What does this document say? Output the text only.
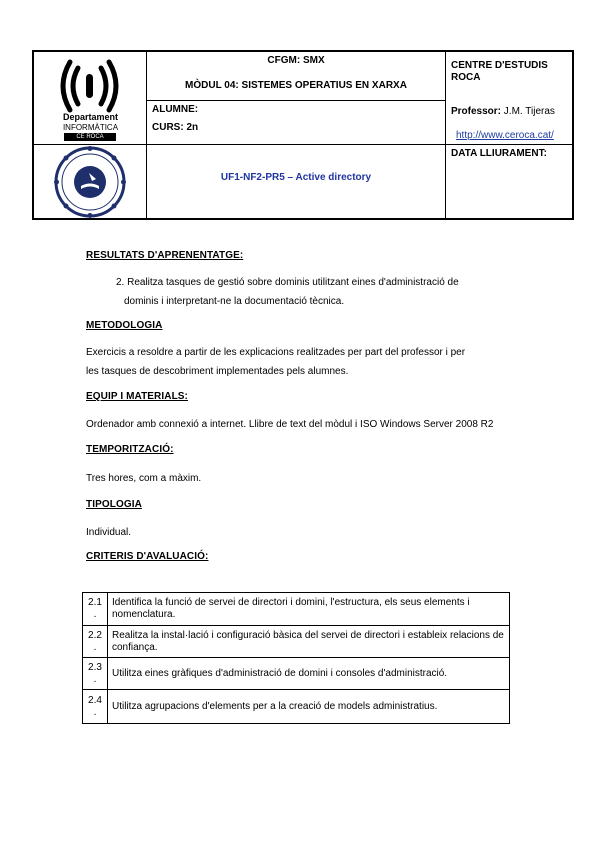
Departament
INFORMÀTICA
CE ROCA
CFGM: SMX
MÒDUL 04: SISTEMES OPERATIUS EN XARXA
ALUMNE:
CURS: 2n
CENTRE D'ESTUDIS
ROCA
Professor: J.M. Tijeras
http://www.ceroca.cat/
UF1-NF2-PR5 – Active directory
DATA LLIURAMENT:
RESULTATS D'APRENENTATGE:
2. Realitza tasques de gestió sobre dominis utilitzant eines d'administració de
dominis i interpretant-ne la documentació tècnica.
METODOLOGIA
Exercicis a resoldre a partir de les explicacions realitzades per part del professor i per
les tasques de descobriment implementades pels alumnes.
EQUIP I MATERIALS:
Ordenador amb connexió a internet. Llibre de text del mòdul i ISO Windows Server 2008 R2
TEMPORITZACIÓ:
Tres hores, com a màxim.
TIPOLOGIA
Individual.
CRITERIS D'AVALUACIÓ:
2.1
.	Identifica la funció de servei de directori i domini, l'estructura, els seus elements i nomenclatura.
2.2
.	Realitza la instal·lació i configuració bàsica del servei de directori i estableix relacions de confiança.
2.3
.	Utilitza eines gràfiques d'administració de domini i consoles d'administració.
2.4
.	Utilitza agrupacions d'elements per a la creació de models administratius.
